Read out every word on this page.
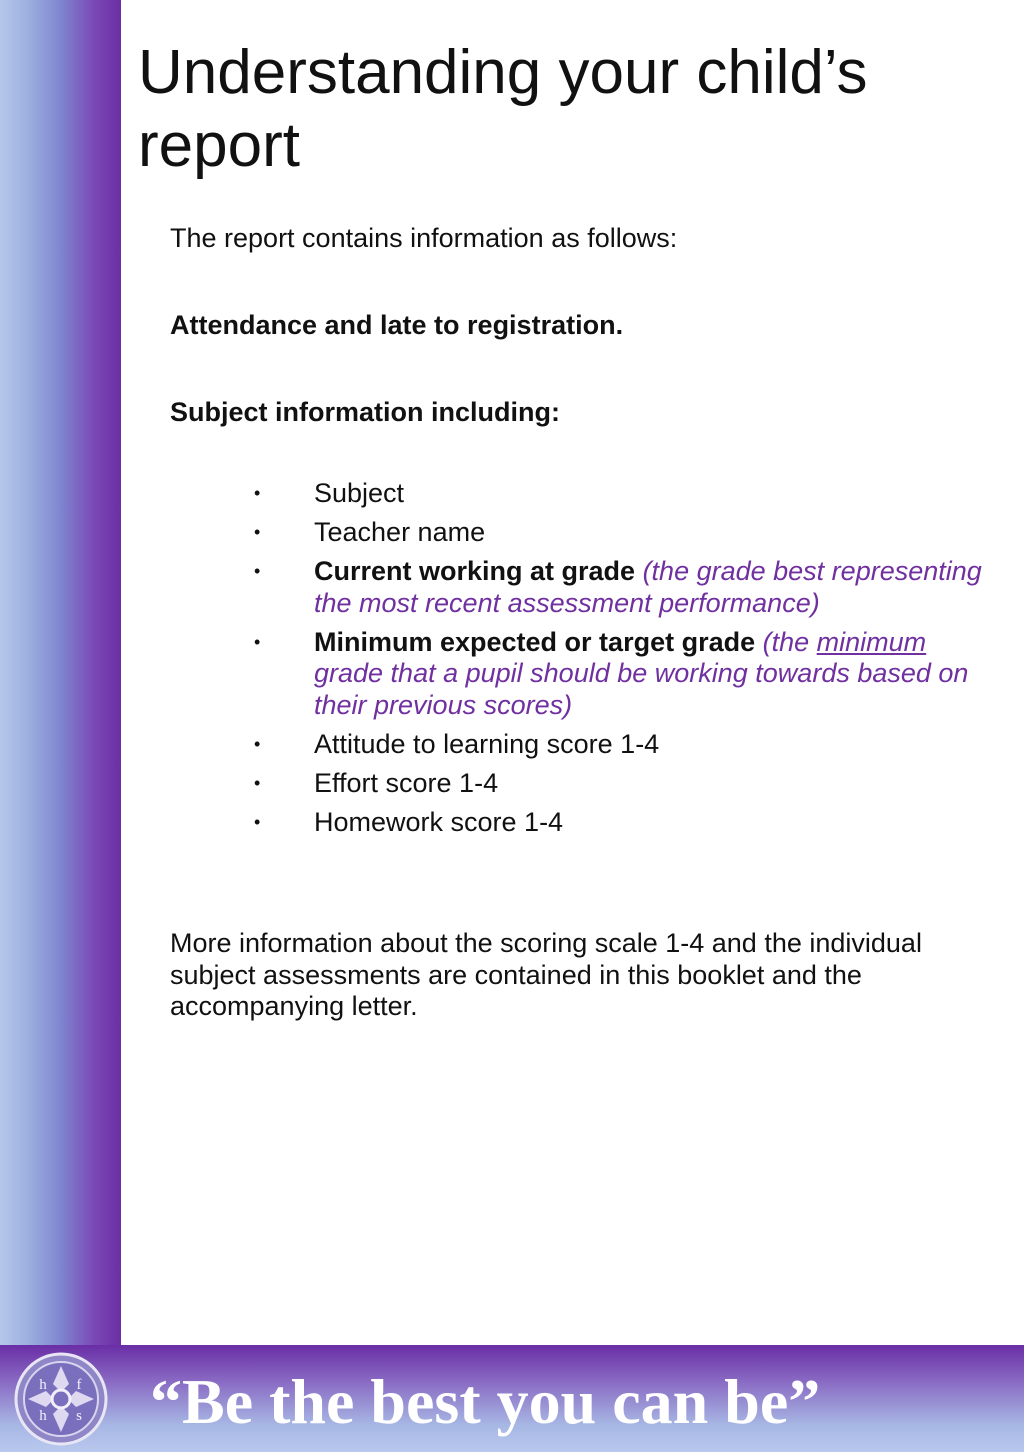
Understanding your child’s report
The report contains information as follows:
Attendance and late to registration.
Subject information including:
• Subject
• Teacher name
• Current working at grade (the grade best representing the most recent assessment performance)
• Minimum expected or target grade (the minimum grade that a pupil should be working towards based on their previous scores)
• Attitude to learning score 1-4
• Effort score 1-4
• Homework score 1-4
More information about the scoring scale 1-4 and the individual subject assessments are contained in this booklet and the accompanying letter.
h f
h s “Be the best you can be”
